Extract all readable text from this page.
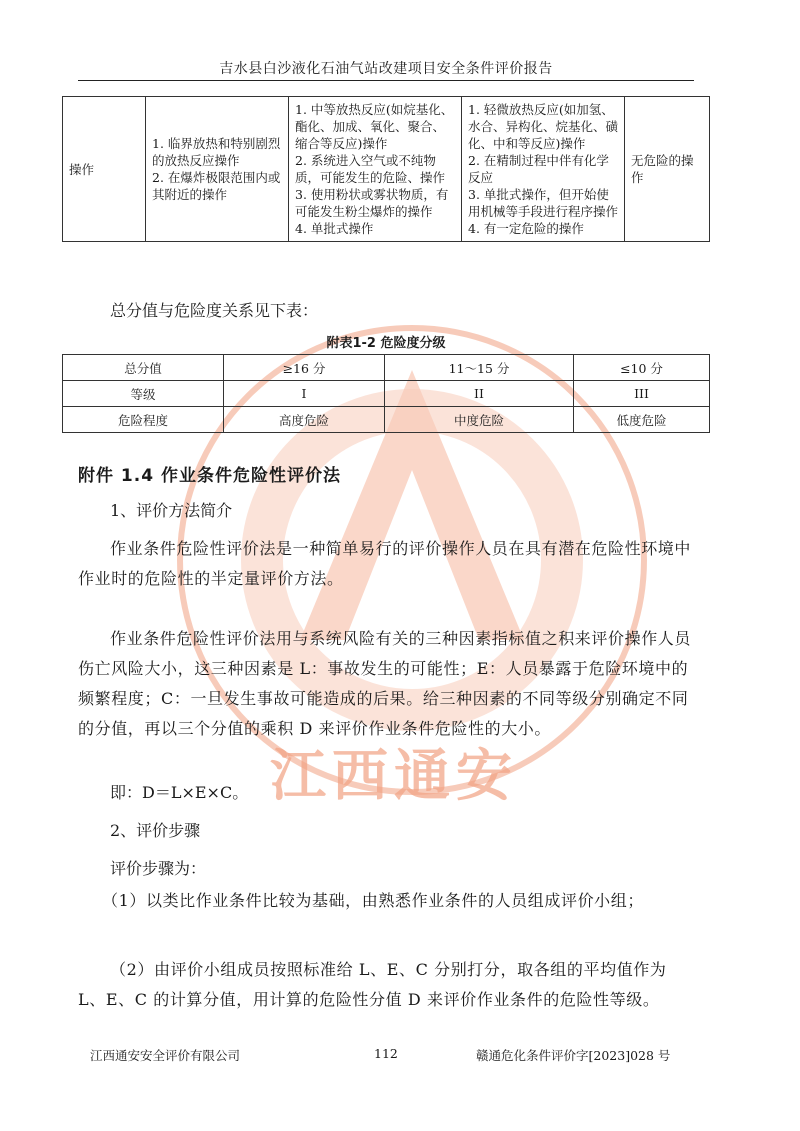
江西通安
吉水县白沙液化石油气站改建项目安全条件评价报告
操作	
1. 临界放热和特别剧烈的放热反应操作
2. 在爆炸极限范围内或其附近的操作

1. 中等放热反应(如烷基化、酯化、加成、氧化、聚合、缩合等反应)操作
2. 系统进入空气或不纯物质，可能发生的危险、操作
3. 使用粉状或雾状物质，有可能发生粉尘爆炸的操作
4. 单批式操作

1. 轻微放热反应(如加氢、水合、异构化、烷基化、磺化、中和等反应)操作
2. 在精制过程中伴有化学反应
3. 单批式操作，但开始使用机械等手段进行程序操作
4. 有一定危险的操作
	无危险的操作
总分值与危险度关系见下表：
附表1-2 危险度分级
总分值	≥16 分	11～15 分	≤10 分
等级	I	II	III
危险程度	高度危险	中度危险	低度危险
附件 1.4 作业条件危险性评价法
1、评价方法简介
作业条件危险性评价法是一种简单易行的评价操作人员在具有潜在危险性环境中作业时的危险性的半定量评价方法。
作业条件危险性评价法用与系统风险有关的三种因素指标值之积来评价操作人员伤亡风险大小，这三种因素是 L：事故发生的可能性；E：人员暴露于危险环境中的频繁程度；C：一旦发生事故可能造成的后果。给三种因素的不同等级分别确定不同的分值，再以三个分值的乘积 D 来评价作业条件危险性的大小。
即：D＝L×E×C。
2、评价步骤
评价步骤为：
（1）以类比作业条件比较为基础，由熟悉作业条件的人员组成评价小组；
（2）由评价小组成员按照标准给 L、E、C 分别打分，取各组的平均值作为 L、E、C 的计算分值，用计算的危险性分值 D 来评价作业条件的危险性等级。
江西通安安全评价有限公司	112	赣通危化条件评价字[2023]028 号
